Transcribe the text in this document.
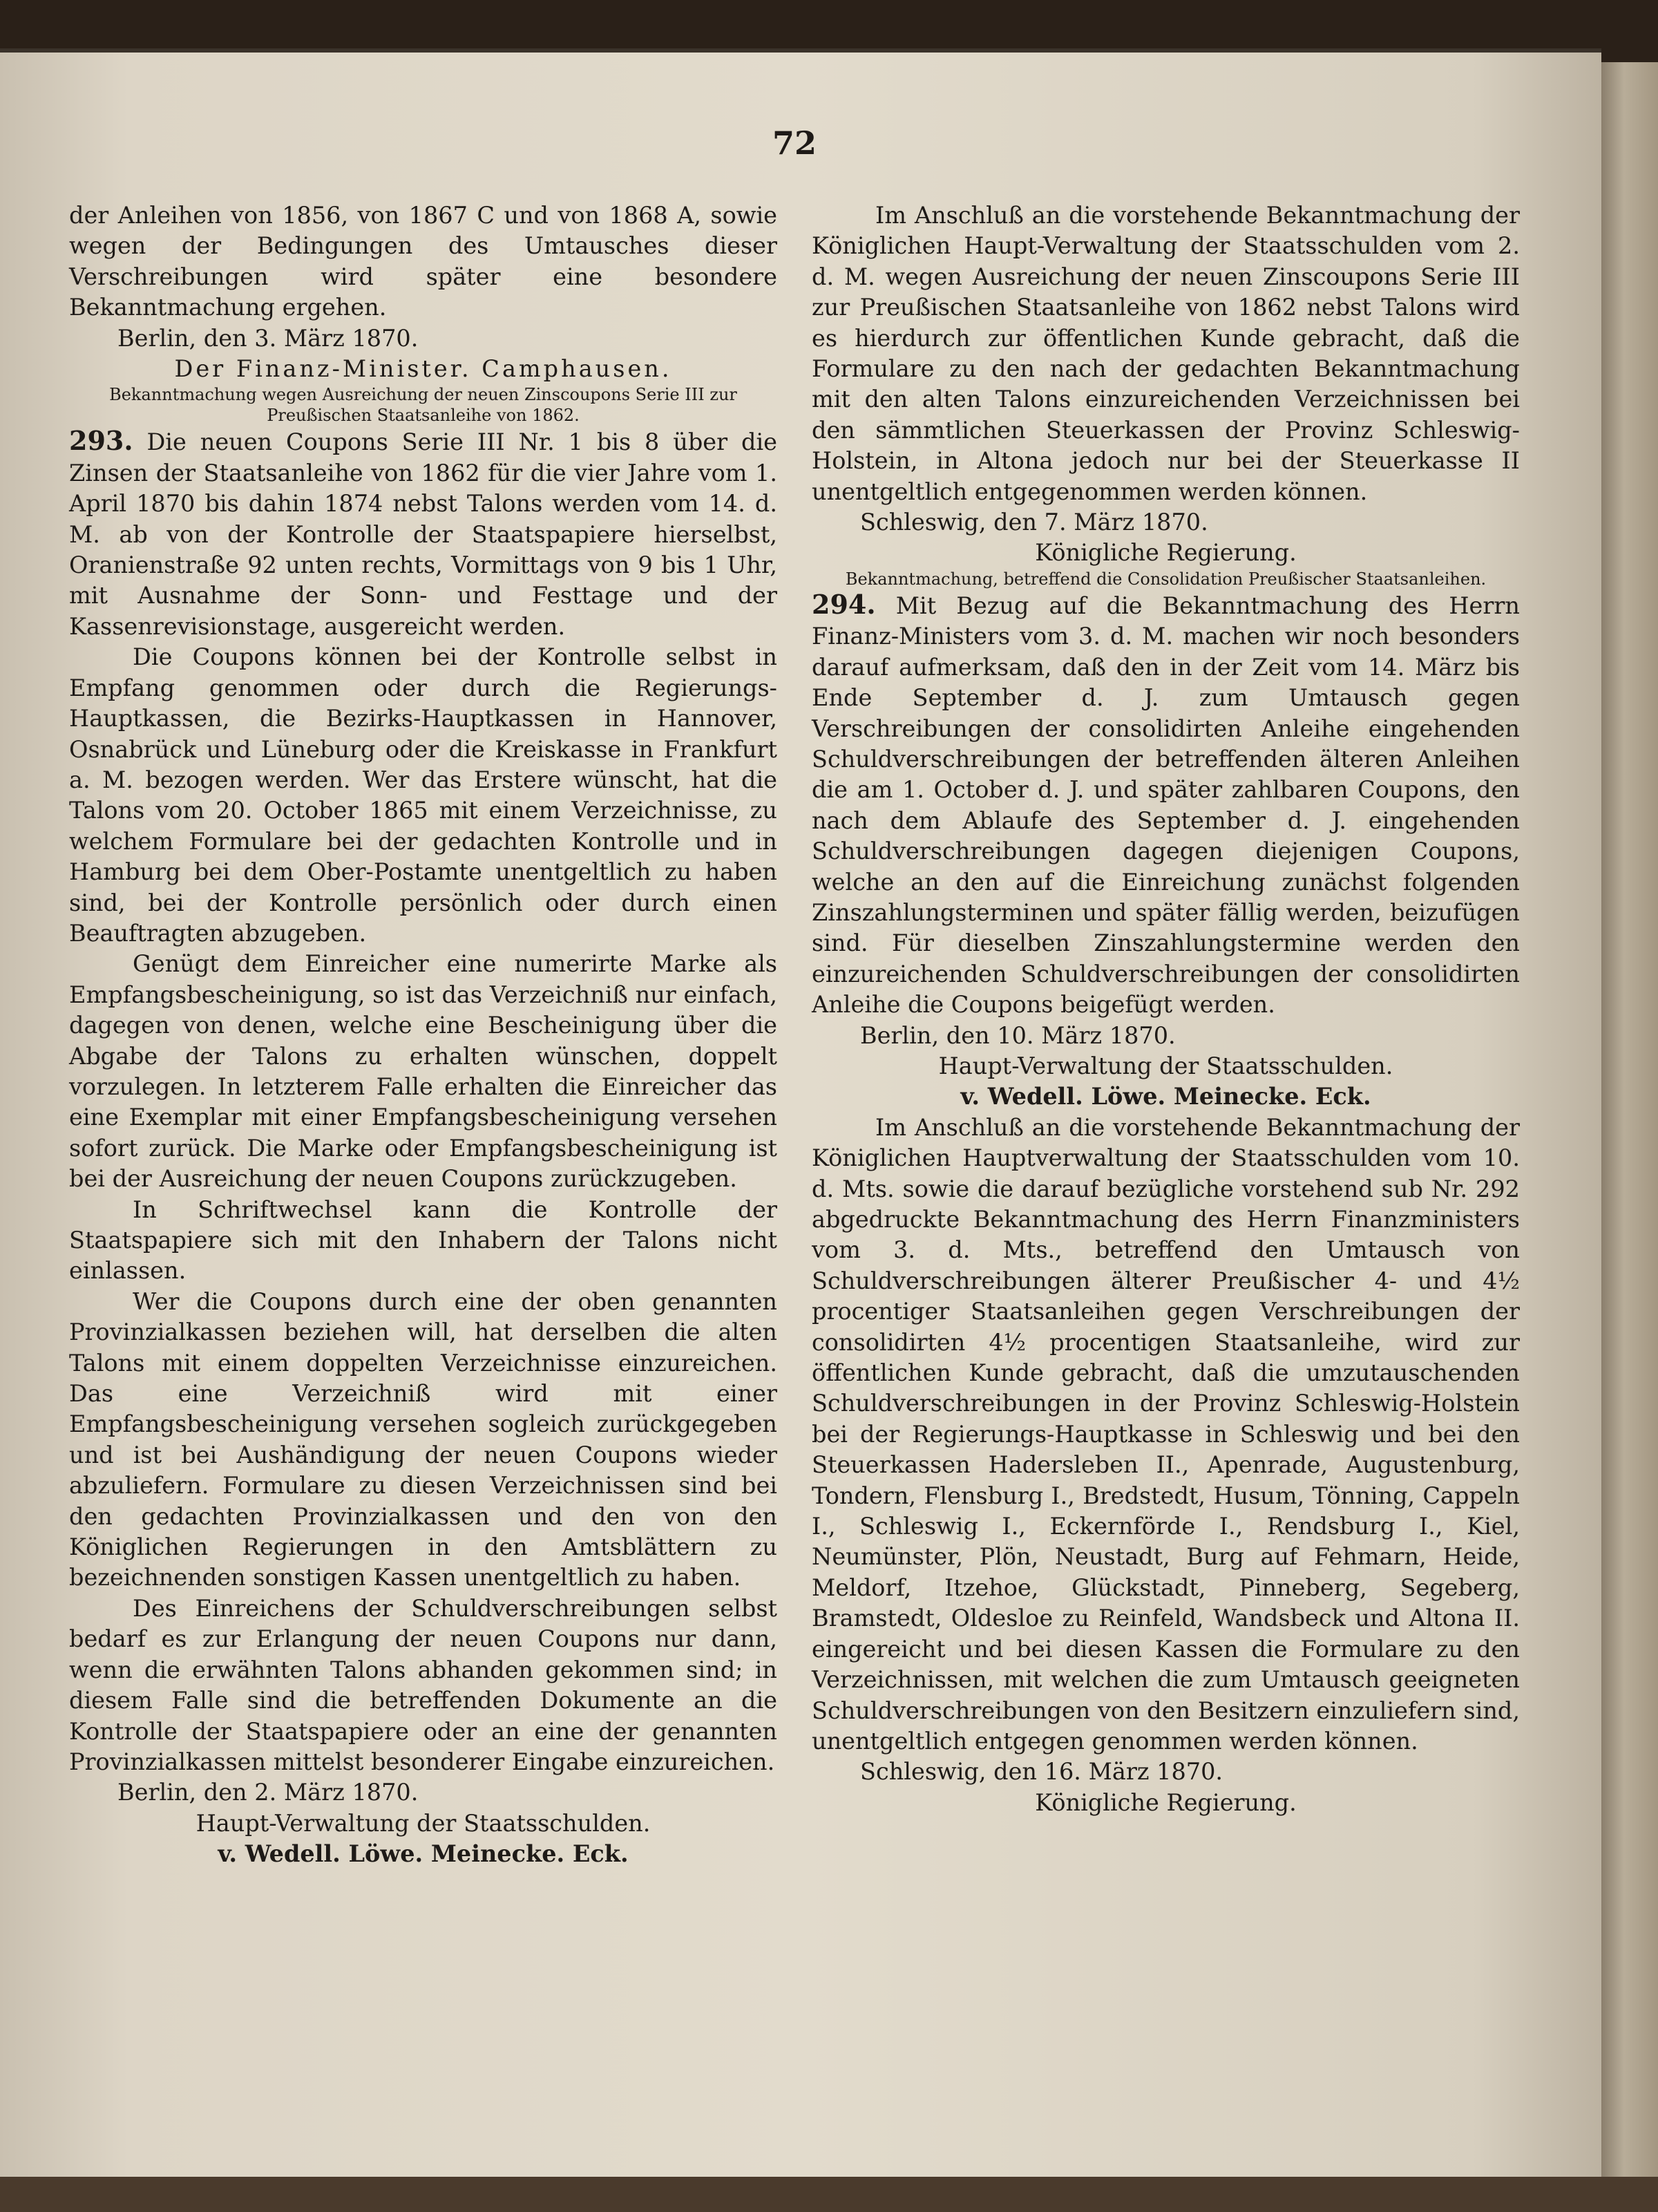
72

der Anleihen von 1856, von 1867 C und von 1868 A, sowie wegen der Bedingungen des Umtausches dieser Verschreibungen wird später eine besondere Bekanntmachung ergehen.

Berlin, den 3. März 1870.

Der Finanz-Minister. Camphausen.

Bekanntmachung wegen Ausreichung der neuen Zinscoupons Serie III zur Preußischen Staatsanleihe von 1862.

293. Die neuen Coupons Serie III Nr. 1 bis 8 über die Zinsen der Staatsanleihe von 1862 für die vier Jahre vom 1. April 1870 bis dahin 1874 nebst Talons werden vom 14. d. M. ab von der Kontrolle der Staatspapiere hierselbst, Oranienstraße 92 unten rechts, Vormittags von 9 bis 1 Uhr, mit Ausnahme der Sonn- und Festtage und der Kassenrevisionstage, ausgereicht werden.

Die Coupons können bei der Kontrolle selbst in Empfang genommen oder durch die Regierungs-Hauptkassen, die Bezirks-Hauptkassen in Hannover, Osnabrück und Lüneburg oder die Kreiskasse in Frankfurt a. M. bezogen werden. Wer das Erstere wünscht, hat die Talons vom 20. October 1865 mit einem Verzeichnisse, zu welchem Formulare bei der gedachten Kontrolle und in Hamburg bei dem Ober-Postamte unentgeltlich zu haben sind, bei der Kontrolle persönlich oder durch einen Beauftragten abzugeben.

Genügt dem Einreicher eine numerirte Marke als Empfangsbescheinigung, so ist das Verzeichniß nur einfach, dagegen von denen, welche eine Bescheinigung über die Abgabe der Talons zu erhalten wünschen, doppelt vorzulegen. In letzterem Falle erhalten die Einreicher das eine Exemplar mit einer Empfangsbescheinigung versehen sofort zurück. Die Marke oder Empfangsbescheinigung ist bei der Ausreichung der neuen Coupons zurückzugeben.

In Schriftwechsel kann die Kontrolle der Staatspapiere sich mit den Inhabern der Talons nicht einlassen.

Wer die Coupons durch eine der oben genannten Provinzialkassen beziehen will, hat derselben die alten Talons mit einem doppelten Verzeichnisse einzureichen. Das eine Verzeichniß wird mit einer Empfangsbescheinigung versehen sogleich zurückgegeben und ist bei Aushändigung der neuen Coupons wieder abzuliefern. Formulare zu diesen Verzeichnissen sind bei den gedachten Provinzialkassen und den von den Königlichen Regierungen in den Amtsblättern zu bezeichnenden sonstigen Kassen unentgeltlich zu haben.

Des Einreichens der Schuldverschreibungen selbst bedarf es zur Erlangung der neuen Coupons nur dann, wenn die erwähnten Talons abhanden gekommen sind; in diesem Falle sind die betreffenden Dokumente an die Kontrolle der Staatspapiere oder an eine der genannten Provinzialkassen mittelst besonderer Eingabe einzureichen.

Berlin, den 2. März 1870.

Haupt-Verwaltung der Staatsschulden.

v. Wedell. Löwe. Meinecke. Eck.

Im Anschluß an die vorstehende Bekanntmachung der Königlichen Haupt-Verwaltung der Staatsschulden vom 2. d. M. wegen Ausreichung der neuen Zinscoupons Serie III zur Preußischen Staatsanleihe von 1862 nebst Talons wird es hierdurch zur öffentlichen Kunde gebracht, daß die Formulare zu den nach der gedachten Bekanntmachung mit den alten Talons einzureichenden Verzeichnissen bei den sämmtlichen Steuerkassen der Provinz Schleswig-Holstein, in Altona jedoch nur bei der Steuerkasse II unentgeltlich entgegenommen werden können.

Schleswig, den 7. März 1870.

Königliche Regierung.

Bekanntmachung, betreffend die Consolidation Preußischer Staatsanleihen.

294. Mit Bezug auf die Bekanntmachung des Herrn Finanz-Ministers vom 3. d. M. machen wir noch besonders darauf aufmerksam, daß den in der Zeit vom 14. März bis Ende September d. J. zum Umtausch gegen Verschreibungen der consolidirten Anleihe eingehenden Schuldverschreibungen der betreffenden älteren Anleihen die am 1. October d. J. und später zahlbaren Coupons, den nach dem Ablaufe des September d. J. eingehenden Schuldverschreibungen dagegen diejenigen Coupons, welche an den auf die Einreichung zunächst folgenden Zinszahlungsterminen und später fällig werden, beizufügen sind. Für dieselben Zinszahlungstermine werden den einzureichenden Schuldverschreibungen der consolidirten Anleihe die Coupons beigefügt werden.

Berlin, den 10. März 1870.

Haupt-Verwaltung der Staatsschulden.

v. Wedell. Löwe. Meinecke. Eck.

Im Anschluß an die vorstehende Bekanntmachung der Königlichen Hauptverwaltung der Staatsschulden vom 10. d. Mts. sowie die darauf bezügliche vorstehend sub Nr. 292 abgedruckte Bekanntmachung des Herrn Finanzministers vom 3. d. Mts., betreffend den Umtausch von Schuldverschreibungen älterer Preußischer 4- und 4½ procentiger Staatsanleihen gegen Verschreibungen der consolidirten 4½ procentigen Staatsanleihe, wird zur öffentlichen Kunde gebracht, daß die umzutauschenden Schuldverschreibungen in der Provinz Schleswig-Holstein bei der Regierungs-Hauptkasse in Schleswig und bei den Steuerkassen Hadersleben II., Apenrade, Augustenburg, Tondern, Flensburg I., Bredstedt, Husum, Tönning, Cappeln I., Schleswig I., Eckernförde I., Rendsburg I., Kiel, Neumünster, Plön, Neustadt, Burg auf Fehmarn, Heide, Meldorf, Itzehoe, Glückstadt, Pinneberg, Segeberg, Bramstedt, Oldesloe zu Reinfeld, Wandsbeck und Altona II. eingereicht und bei diesen Kassen die Formulare zu den Verzeichnissen, mit welchen die zum Umtausch geeigneten Schuldverschreibungen von den Besitzern einzuliefern sind, unentgeltlich entgegen genommen werden können.

Schleswig, den 16. März 1870.

Königliche Regierung.
